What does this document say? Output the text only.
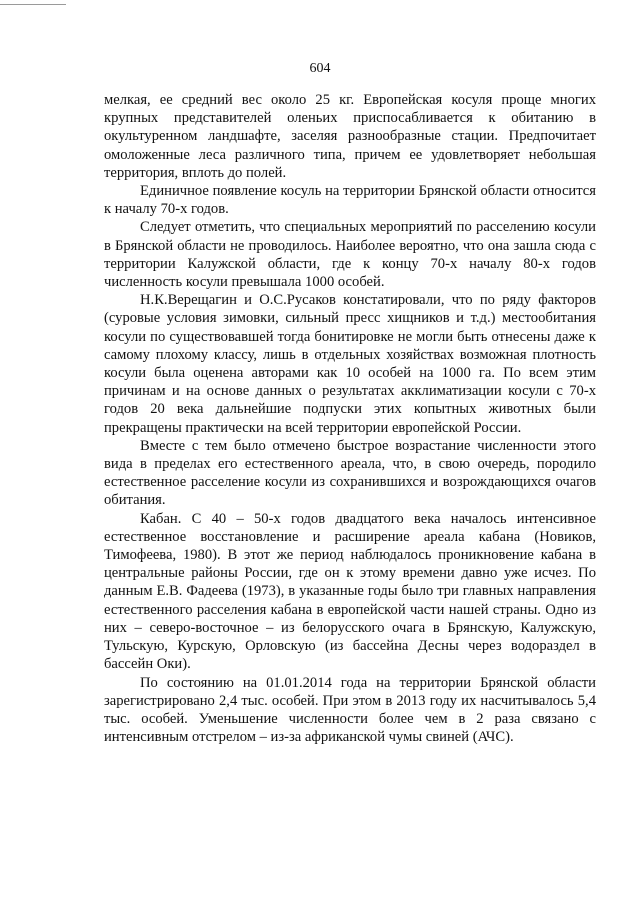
604

мелкая, ее средний вес около 25 кг. Европейская косуля проще многих крупных представителей оленьих приспосабливается к обитанию в окультуренном ландшафте, заселяя разнообразные стации. Предпочитает омоложенные леса различного типа, причем ее удовлетворяет небольшая территория, вплоть до полей.

Единичное появление косуль на территории Брянской области относится к началу 70-х годов.

Следует отметить, что специальных мероприятий по расселению косули в Брянской области не проводилось. Наиболее вероятно, что она зашла сюда с территории Калужской области, где к концу 70-х началу 80-х годов численность косули превышала 1000 особей.

Н.К.Верещагин и О.С.Русаков констатировали, что по ряду факторов (суровые условия зимовки, сильный пресс хищников и т.д.) местообитания косули по существовавшей тогда бонитировке не могли быть отнесены даже к самому плохому классу, лишь в отдельных хозяйствах возможная плотность косули была оценена авторами как 10 особей на 1000 га. По всем этим причинам и на основе данных о результатах акклиматизации косули с 70-х годов 20 века дальнейшие подпуски этих копытных животных были прекращены практически на всей территории европейской России.

Вместе с тем было отмечено быстрое возрастание численности этого вида в пределах его естественного ареала, что, в свою очередь, породило естественное расселение косули из сохранившихся и возрождающихся очагов обитания.

Кабан. С 40 – 50-х годов двадцатого века началось интенсивное естественное восстановление и расширение ареала кабана (Новиков, Тимофеева, 1980). В этот же период наблюдалось проникновение кабана в центральные районы России, где он к этому времени давно уже исчез. По данным Е.В. Фадеева (1973), в указанные годы было три главных направления естественного расселения кабана в европейской части нашей страны. Одно из них – северо-восточное – из белорусского очага в Брянскую, Калужскую, Тульскую, Курскую, Орловскую (из бассейна Десны через водораздел в бассейн Оки).

По состоянию на 01.01.2014 года на территории Брянской области зарегистрировано 2,4 тыс. особей. При этом в 2013 году их насчитывалось 5,4 тыс. особей. Уменьшение численности более чем в 2 раза связано с интенсивным отстрелом – из-за африканской чумы свиней (АЧС).
